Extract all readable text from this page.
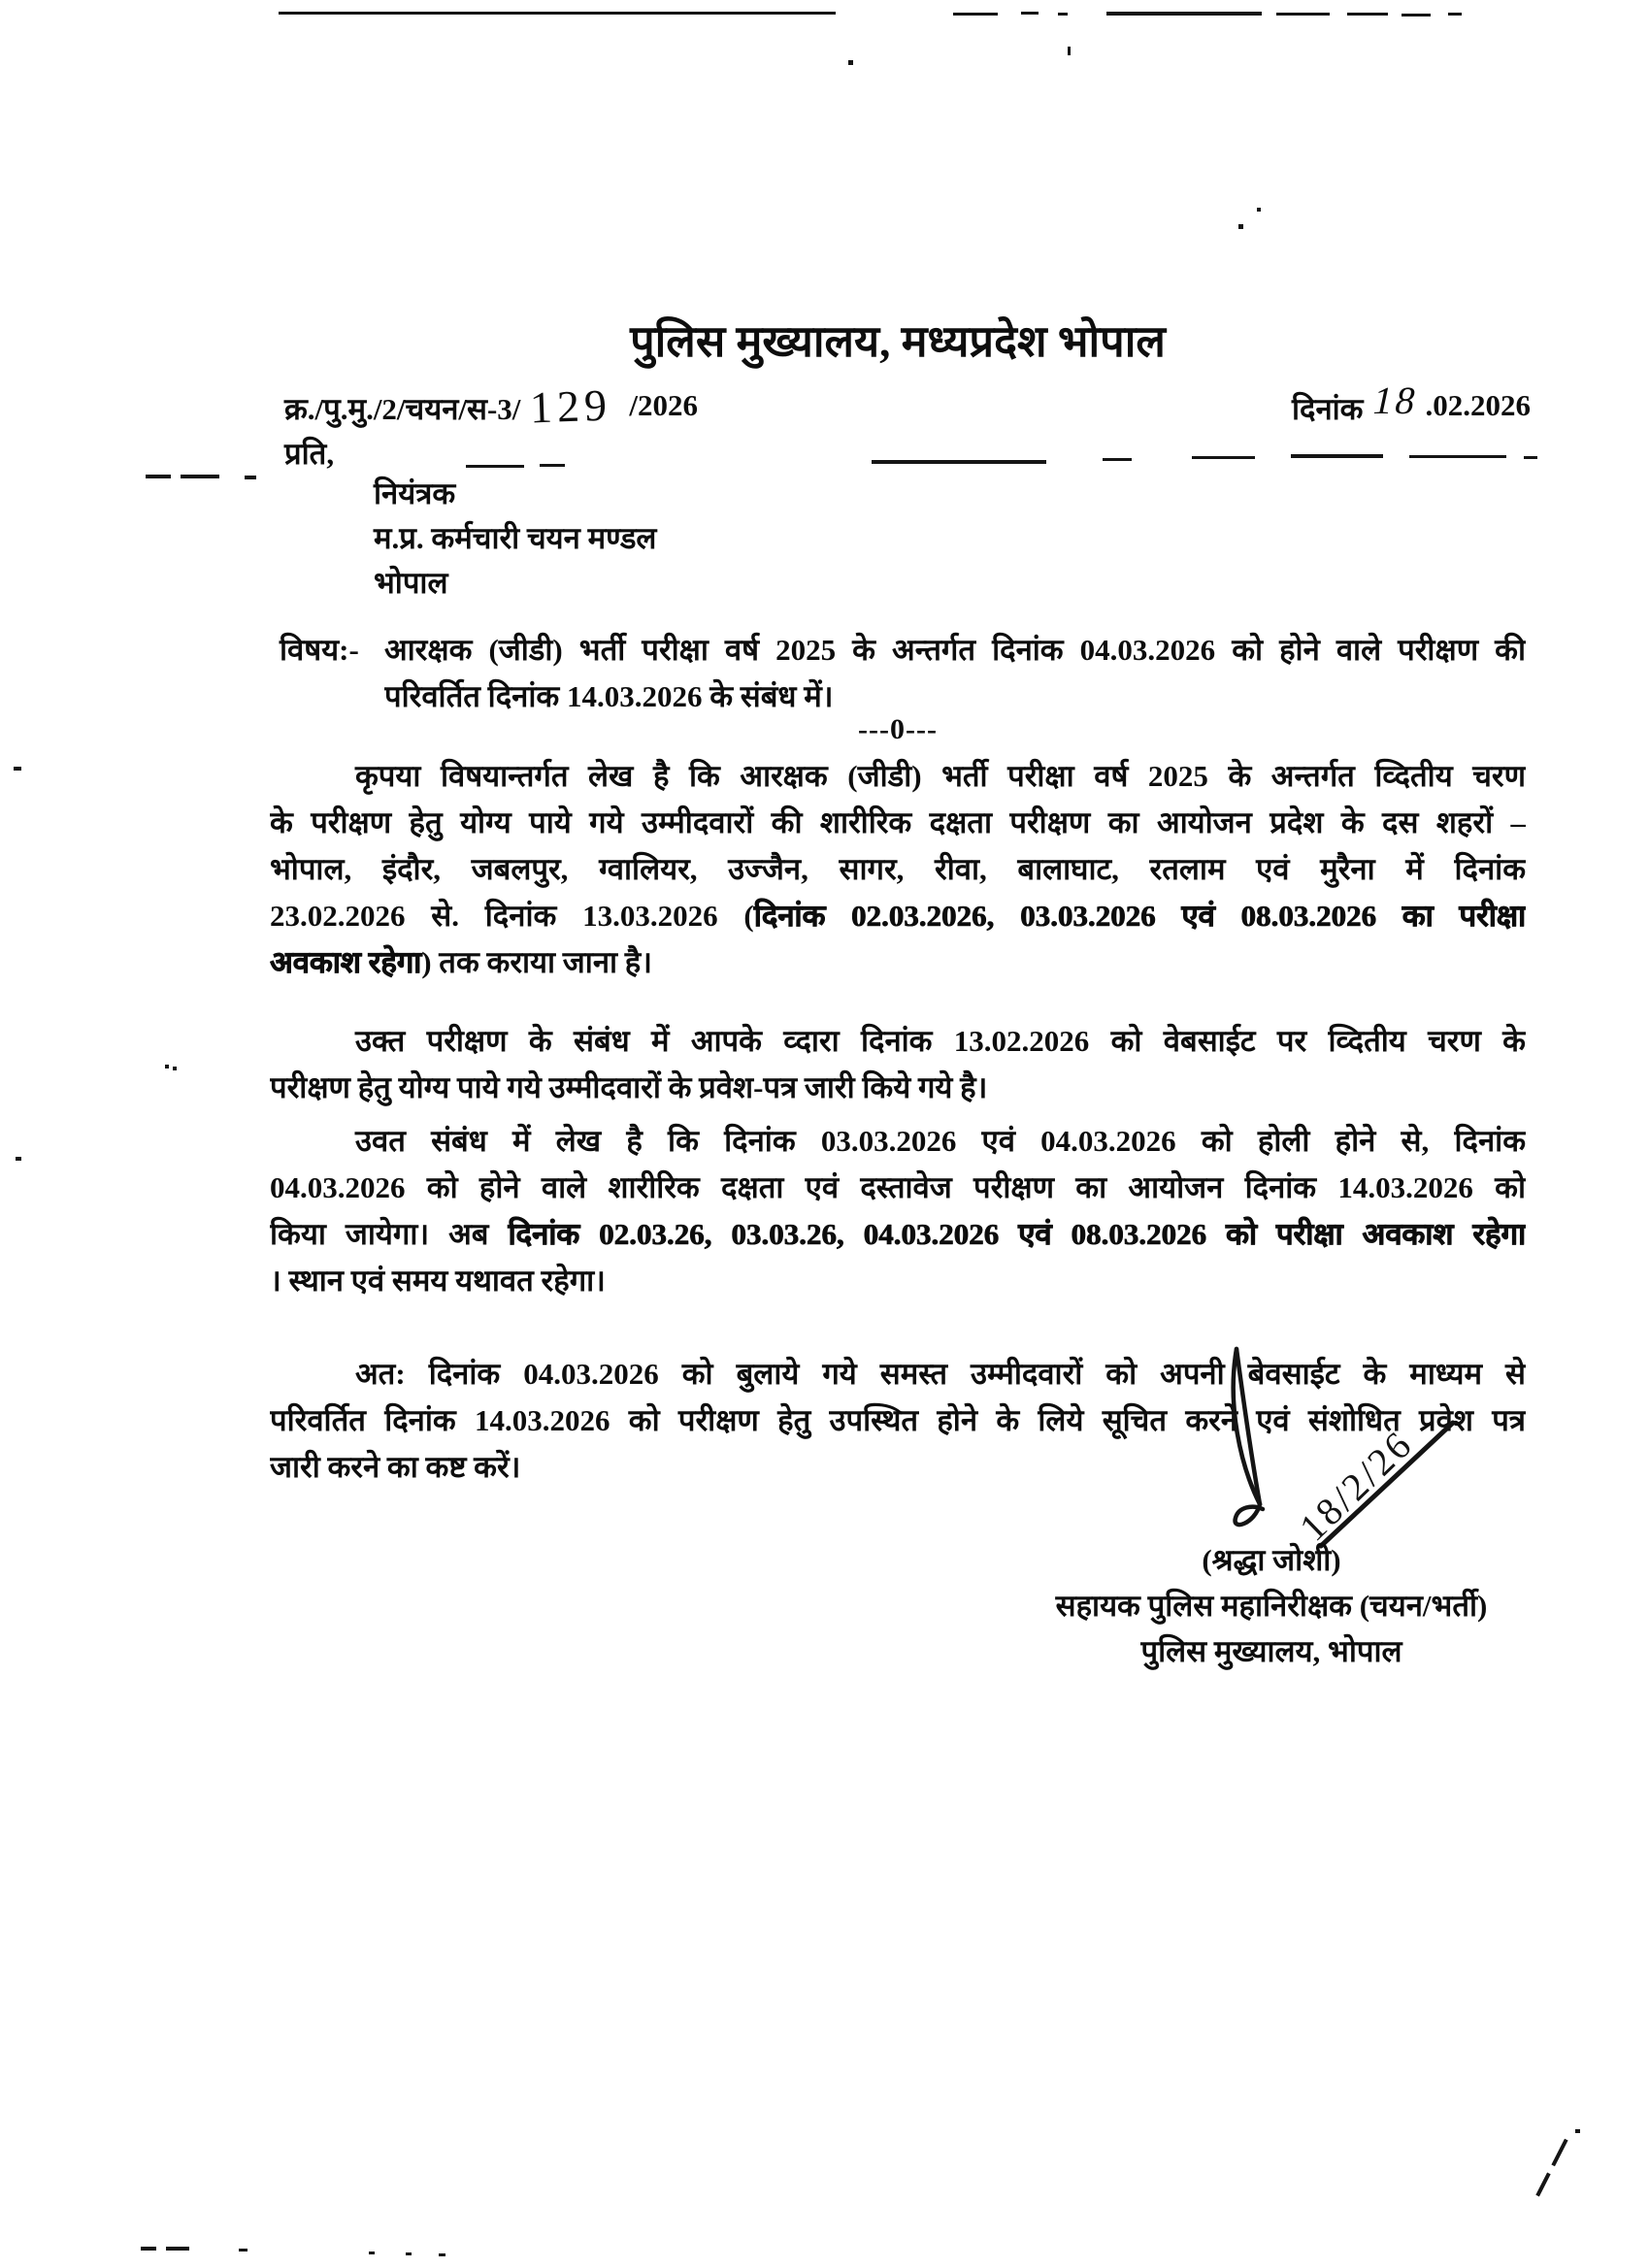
पुलिस मुख्यालय, मध्यप्रदेश भोपाल
क्र./पु.मु./2/चयन/स-3/ 129 /2026	दिनांक 18 .02.2026
प्रति,
नियंत्रक
म.प्र. कर्मचारी चयन मण्डल
भोपाल
विषय:- आरक्षक (जीडी) भर्ती परीक्षा वर्ष 2025 के अन्तर्गत दिनांक 04.03.2026 को होने वाले परीक्षण की
परिवर्तित दिनांक 14.03.2026 के संबंध में।
---0---
कृपया विषयान्तर्गत लेख है कि आरक्षक (जीडी) भर्ती परीक्षा वर्ष 2025 के अन्तर्गत व्दितीय चरण
के परीक्षण हेतु योग्य पाये गये उम्मीदवारों की शारीरिक दक्षता परीक्षण का आयोजन प्रदेश के दस शहरों –
भोपाल, इंदौर, जबलपुर, ग्वालियर, उज्जैन, सागर, रीवा, बालाघाट, रतलाम एवं मुरैना में दिनांक
23.02.2026 से. दिनांक 13.03.2026 (दिनांक 02.03.2026, 03.03.2026 एवं 08.03.2026 का परीक्षा
अवकाश रहेगा) तक कराया जाना है।
उक्त परीक्षण के संबंध में आपके व्दारा दिनांक 13.02.2026 को वेबसाईट पर व्दितीय चरण के
परीक्षण हेतु योग्य पाये गये उम्मीदवारों के प्रवेश-पत्र जारी किये गये है।
उवत संबंध में लेख है कि दिनांक 03.03.2026 एवं 04.03.2026 को होली होने से, दिनांक
04.03.2026 को होने वाले शारीरिक दक्षता एवं दस्तावेज परीक्षण का आयोजन दिनांक 14.03.2026 को
किया जायेगा। अब दिनांक 02.03.26, 03.03.26, 04.03.2026 एवं 08.03.2026 को परीक्षा अवकाश रहेगा
। स्थान एवं समय यथावत रहेगा।
अत: दिनांक 04.03.2026 को बुलाये गये समस्त उम्मीदवारों को अपनी बेवसाईट के माध्यम से
परिवर्तित दिनांक 14.03.2026 को परीक्षण हेतु उपस्थित होने के लिये सूचित करने एवं संशोधित प्रवेश पत्र
जारी करने का कष्ट करें।	18/2/26
(श्रद्धा जोशी)
सहायक पुलिस महानिरीक्षक (चयन/भर्ती)
पुलिस मुख्यालय, भोपाल
